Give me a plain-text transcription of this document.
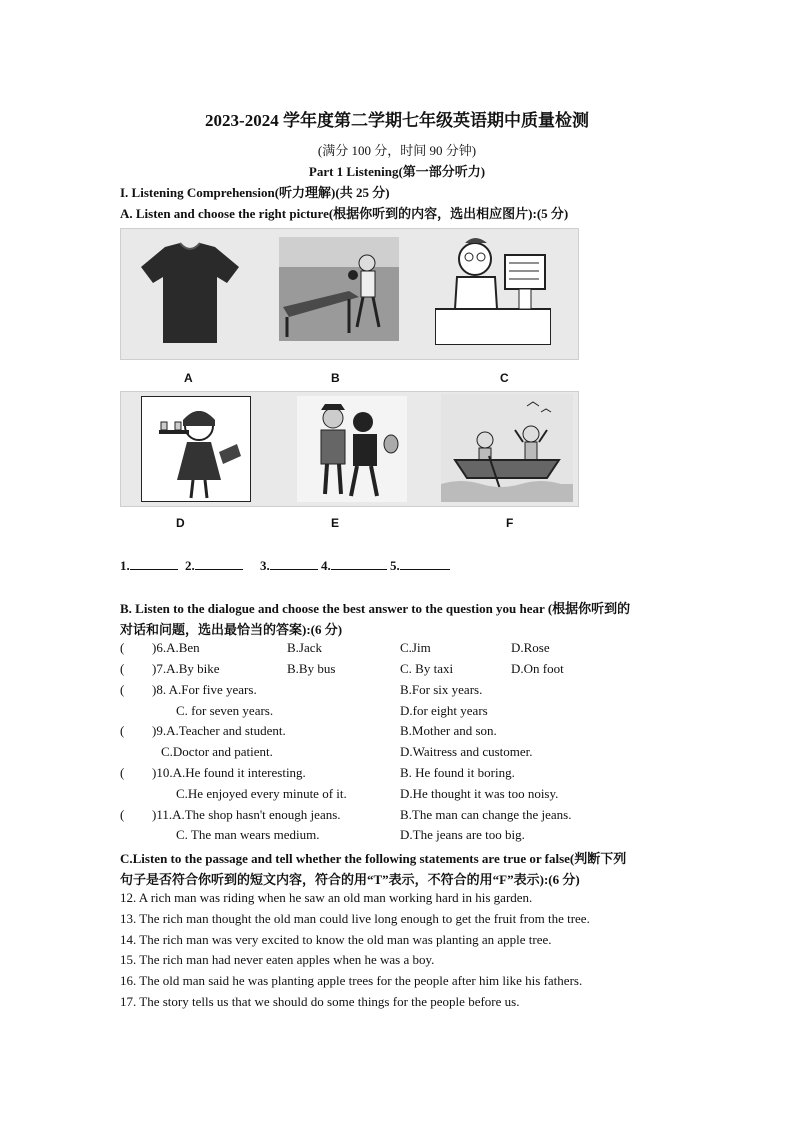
2023-2024 学年度第二学期七年级英语期中质量检测
(满分 100 分，时间 90 分钟)
Part 1 Listening(第一部分听力)
I. Listening Comprehension(听力理解)(共 25 分)
A. Listen and choose the right picture(根据你听到的内容，选出相应图片):(5 分)
A	B	C
D	E	F
1.	2.	3.	4.	5.
B. Listen to the dialogue and choose the best answer to the question you hear (根据你听到的
对话和问题，选出最恰当的答案):(6 分)
( )6.A.Ben	B.Jack	C.Jim	D.Rose
( )7.A.By bike	B.By bus	C. By taxi	D.On foot
( )8. A.For five years.	B.For six years.
C. for seven years.	D.for eight years
( )9.A.Teacher and student.	B.Mother and son.
C.Doctor and patient.	D.Waitress and customer.
( )10.A.He found it interesting.	B. He found it boring.
C.He enjoyed every minute of it.	D.He thought it was too noisy.
( )11.A.The shop hasn't enough jeans.	B.The man can change the jeans.
C. The man wears medium.	D.The jeans are too big.
C.Listen to the passage and tell whether the following statements are true or false(判断下列
句子是否符合你听到的短文内容，符合的用“T”表示，不符合的用“F”表示):(6 分)
12. A rich man was riding when he saw an old man working hard in his garden.
13. The rich man thought the old man could live long enough to get the fruit from the tree.
14. The rich man was very excited to know the old man was planting an apple tree.
15. The rich man had never eaten apples when he was a boy.
16. The old man said he was planting apple trees for the people after him like his fathers.
17. The story tells us that we should do some things for the people before us.
